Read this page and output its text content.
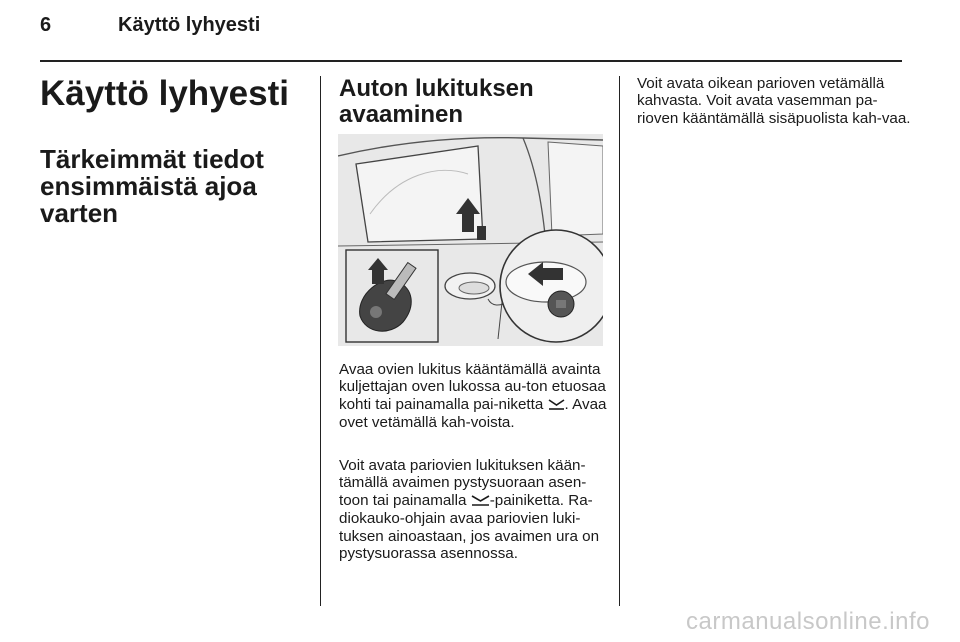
6	Käyttö lyhyesti
Käyttö lyhyesti
Tärkeimmät tiedot ensimmäistä ajoa varten
Auton lukituksen avaaminen

Avaa ovien lukitus kääntämällä avainta kuljettajan oven lukossa au-ton etuosaa kohti tai painamalla pai-niketta . Avaa ovet vetämällä kah-voista.

Voit avata pariovien lukituksen kään-tämällä avaimen pystysuoraan asen-toon tai painamalla -painiketta. Ra-diokauko-ohjain avaa pariovien luki-tuksen ainoastaan, jos avaimen ura on pystysuorassa asennossa.

Voit avata oikean parioven vetämällä kahvasta. Voit avata vasemman pa-rioven kääntämällä sisäpuolista kah-vaa.

carmanualsonline.info
